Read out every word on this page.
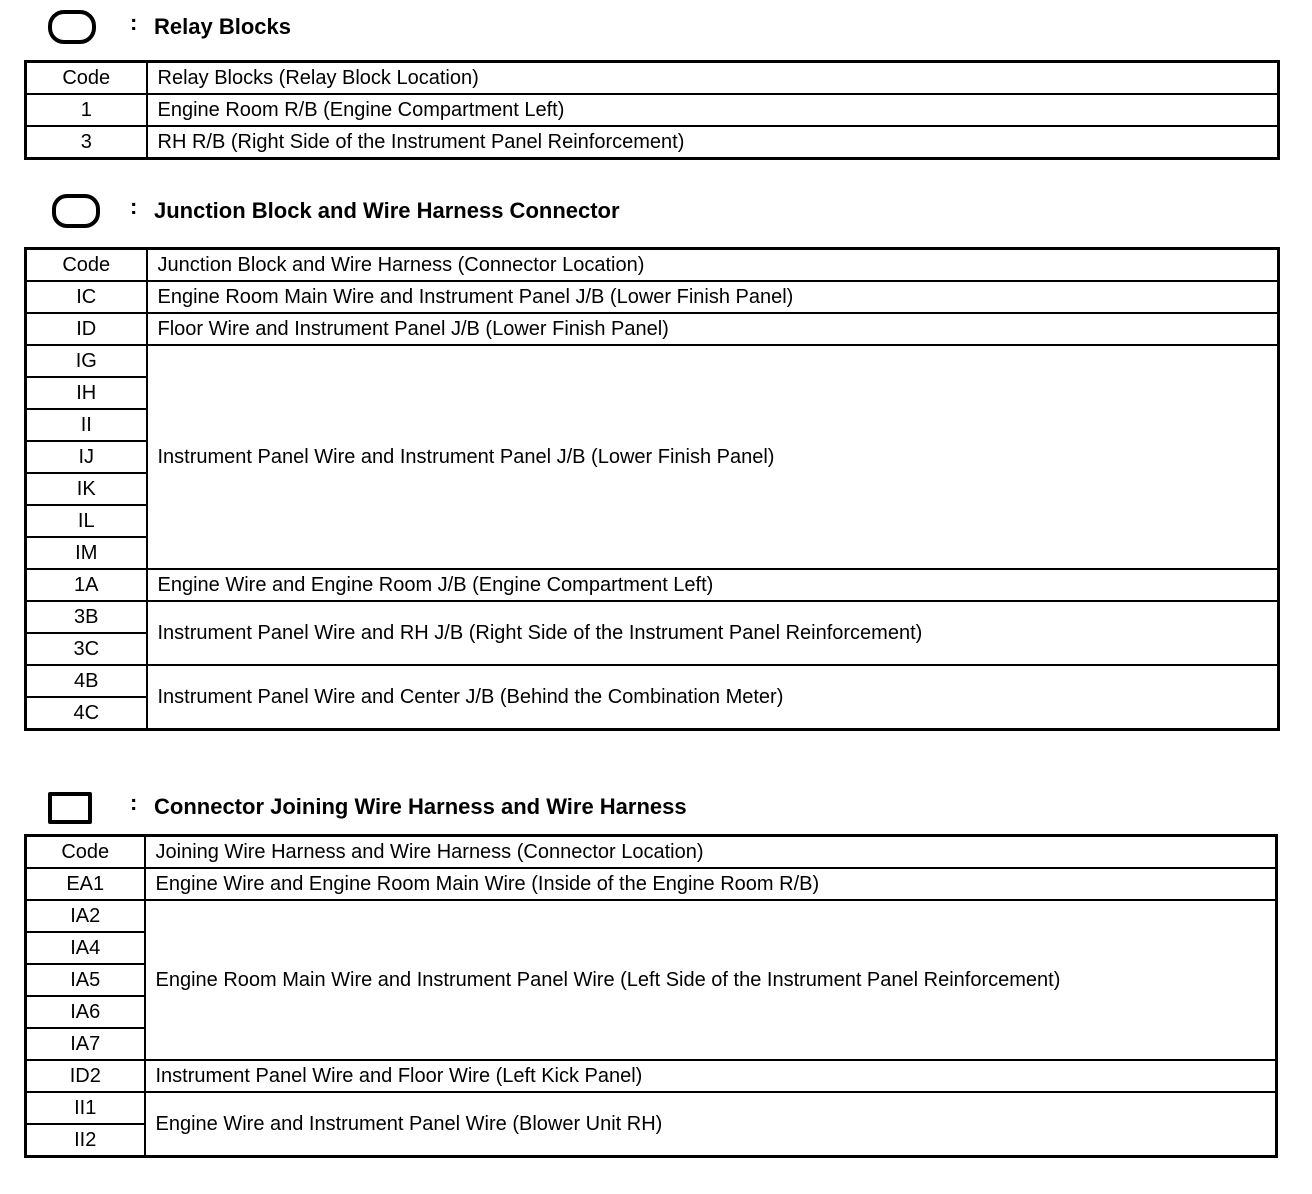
: Relay Blocks
Code	Relay Blocks (Relay Block Location)
1	Engine Room R/B (Engine Compartment Left)
3	RH R/B (Right Side of the Instrument Panel Reinforcement)
: Junction Block and Wire Harness Connector
Code	Junction Block and Wire Harness (Connector Location)
IC	Engine Room Main Wire and Instrument Panel J/B (Lower Finish Panel)
ID	Floor Wire and Instrument Panel J/B (Lower Finish Panel)
IG	Instrument Panel Wire and Instrument Panel J/B (Lower Finish Panel)
IH	
II	
IJ	
IK	
IL	
IM	
1A	Engine Wire and Engine Room J/B (Engine Compartment Left)
3B	Instrument Panel Wire and RH J/B (Right Side of the Instrument Panel Reinforcement)
3C	
4B	Instrument Panel Wire and Center J/B (Behind the Combination Meter)
4C	
: Connector Joining Wire Harness and Wire Harness
Code	Joining Wire Harness and Wire Harness (Connector Location)
EA1	Engine Wire and Engine Room Main Wire (Inside of the Engine Room R/B)
IA2	Engine Room Main Wire and Instrument Panel Wire (Left Side of the Instrument Panel Reinforcement)
IA4	
IA5	
IA6	
IA7	
ID2	Instrument Panel Wire and Floor Wire (Left Kick Panel)
II1	Engine Wire and Instrument Panel Wire (Blower Unit RH)
II2	
